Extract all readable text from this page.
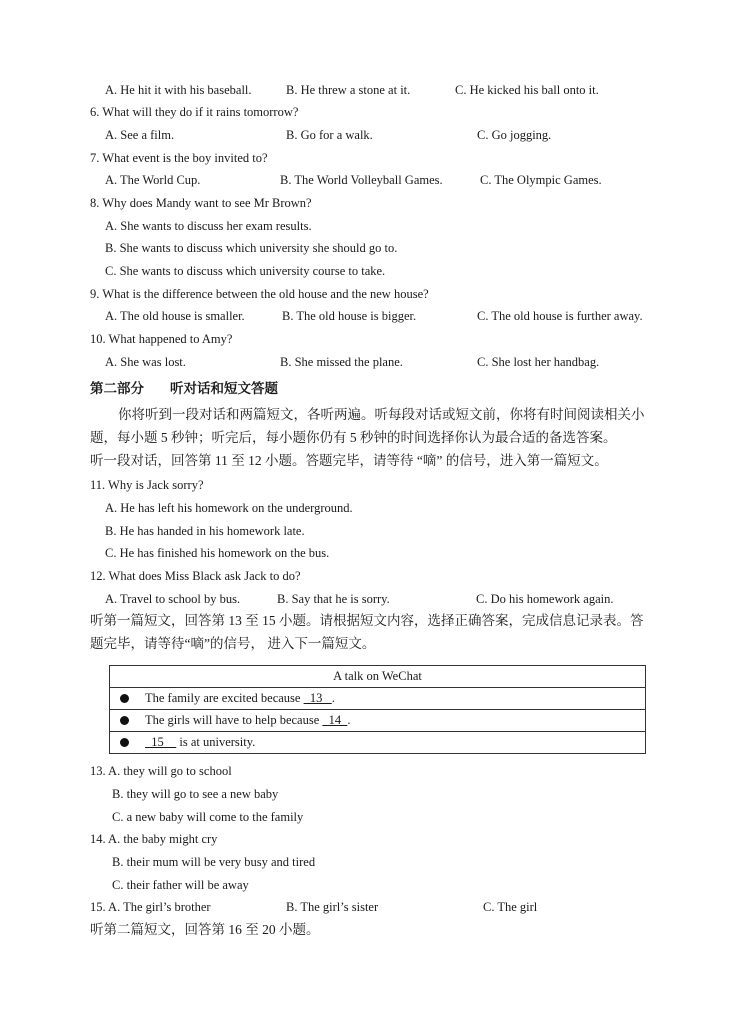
A. He hit it with his baseball.	B. He threw a stone at it.	C. He kicked his ball onto it.
6. What will they do if it rains tomorrow?
A. See a film.	B. Go for a walk.	C. Go jogging.
7. What event is the boy invited to?
A. The World Cup.	B. The World Volleyball Games.	C. The Olympic Games.
8. Why does Mandy want to see Mr Brown?
A. She wants to discuss her exam results.
B. She wants to discuss which university she should go to.
C. She wants to discuss which university course to take.
9. What is the difference between the old house and the new house?
A. The old house is smaller.	B. The old house is bigger.	C. The old house is further away.
10. What happened to Amy?
A. She was lost.	B. She missed the plane.	C. She lost her handbag.
第二部分 听对话和短文答题
你将听到一段对话和两篇短文，各听两遍。听每段对话或短文前，你将有时间阅读相关小
题，每小题 5 秒钟；听完后，每小题你仍有 5 秒钟的时间选择你认为最合适的备选答案。
听一段对话，回答第 11 至 12 小题。答题完毕，请等待 “嘀” 的信号，进入第一篇短文。
11. Why is Jack sorry?
A. He has left his homework on the underground.
B. He has handed in his homework late.
C. He has finished his homework on the bus.
12. What does Miss Black ask Jack to do?
A. Travel to school by bus.	B. Say that he is sorry.	C. Do his homework again.
听第一篇短文，回答第 13 至 15 小题。请根据短文内容，选择正确答案，完成信息记录表。答
题完毕，请等待“嘀”的信号， 进入下一篇短文。
A talk on WeChat
The family are excited because   13   .
The girls will have to help because   14  .
15     is at university.
13. A. they will go to school
B. they will go to see a new baby
C. a new baby will come to the family
14. A. the baby might cry
B. their mum will be very busy and tired
C. their father will be away
15. A. The girl’s brother	B. The girl’s sister	C. The girl
听第二篇短文，回答第 16 至 20 小题。
